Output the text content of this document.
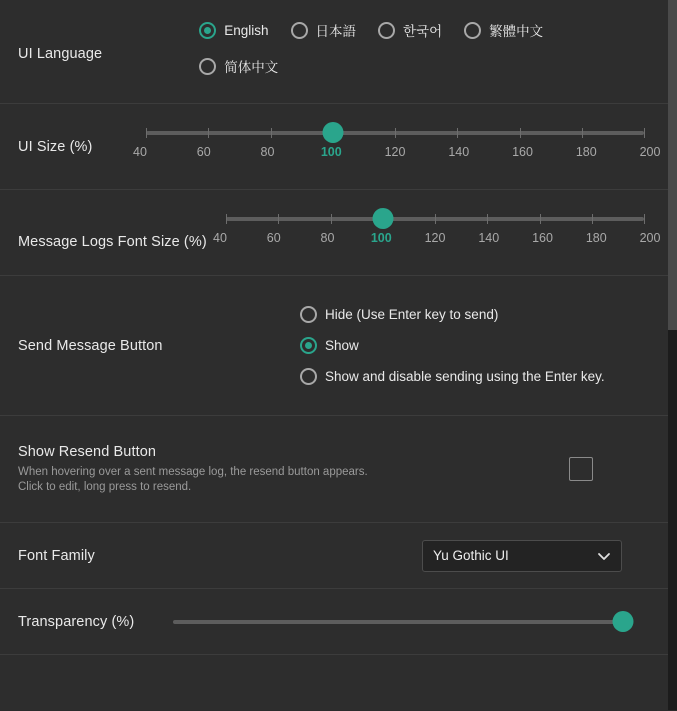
UI Language
English	日本語	한국어	繁體中文
简体中文
UI Size (%)	40	60	80	100	120	140	160	180	200
Message Logs Font Size (%) 40	60	80	100	120	140	160	180	200
Send Message Button
Hide (Use Enter key to send)
Show
Show and disable sending using the Enter key.
Show Resend Button
When hovering over a sent message log, the resend button appears. Click to edit, long press to resend.
Font Family	Yu Gothic UI
Transparency (%)
